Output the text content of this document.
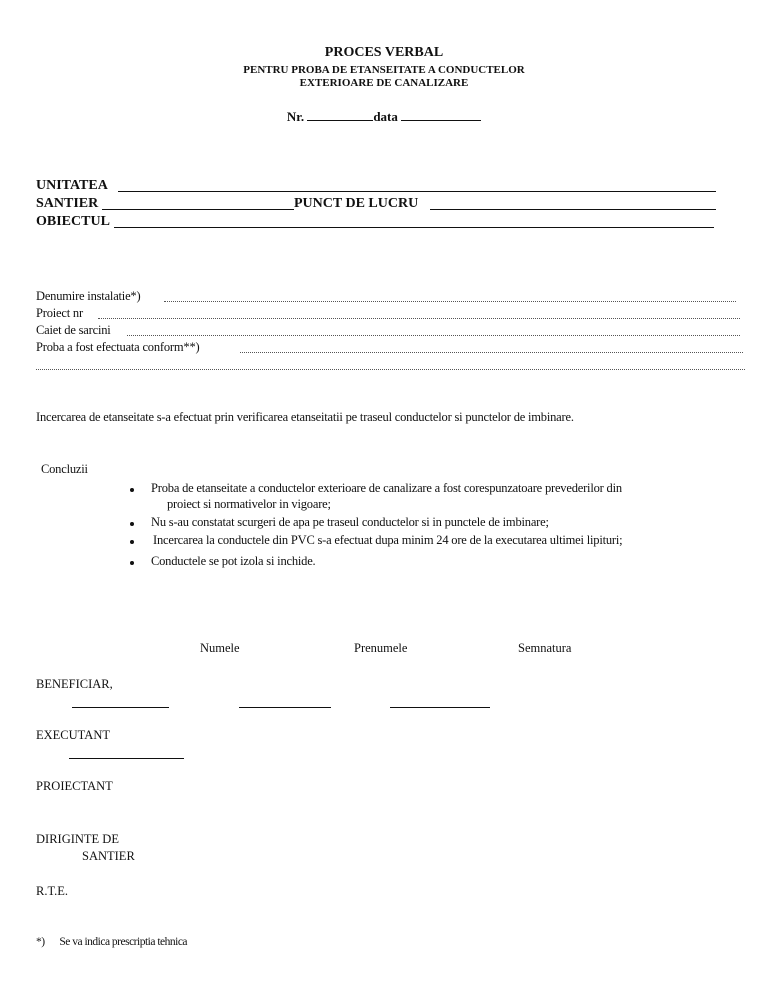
PROCES VERBAL
PENTRU PROBA DE ETANSEITATE A CONDUCTELOR
EXTERIOARE DE CANALIZARE
Nr.	data
UNITATEA
SANTIER	PUNCT DE LUCRU
OBIECTUL
Denumire instalatie*)
Proiect nr
Caiet de sarcini
Proba a fost efectuata conform**)
Incercarea de etanseitate s-a efectuat prin verificarea etanseitatii pe traseul conductelor si punctelor de imbinare.
Concluzii
Proba de etanseitate a conductelor exterioare de canalizare a fost corespunzatoare prevederilor din
proiect si normativelor in vigoare;
Nu s-au constatat scurgeri de apa pe traseul conductelor si in punctele de imbinare;
Incercarea la conductele din PVC s-a efectuat dupa minim 24 ore de la executarea ultimei lipituri;
Conductele se pot izola si inchide.
Numele	Prenumele	Semnatura
BENEFICIAR,
EXECUTANT
PROIECTANT
DIRIGINTE DE
SANTIER
R.T.E.
*) Se va indica prescriptia tehnica
